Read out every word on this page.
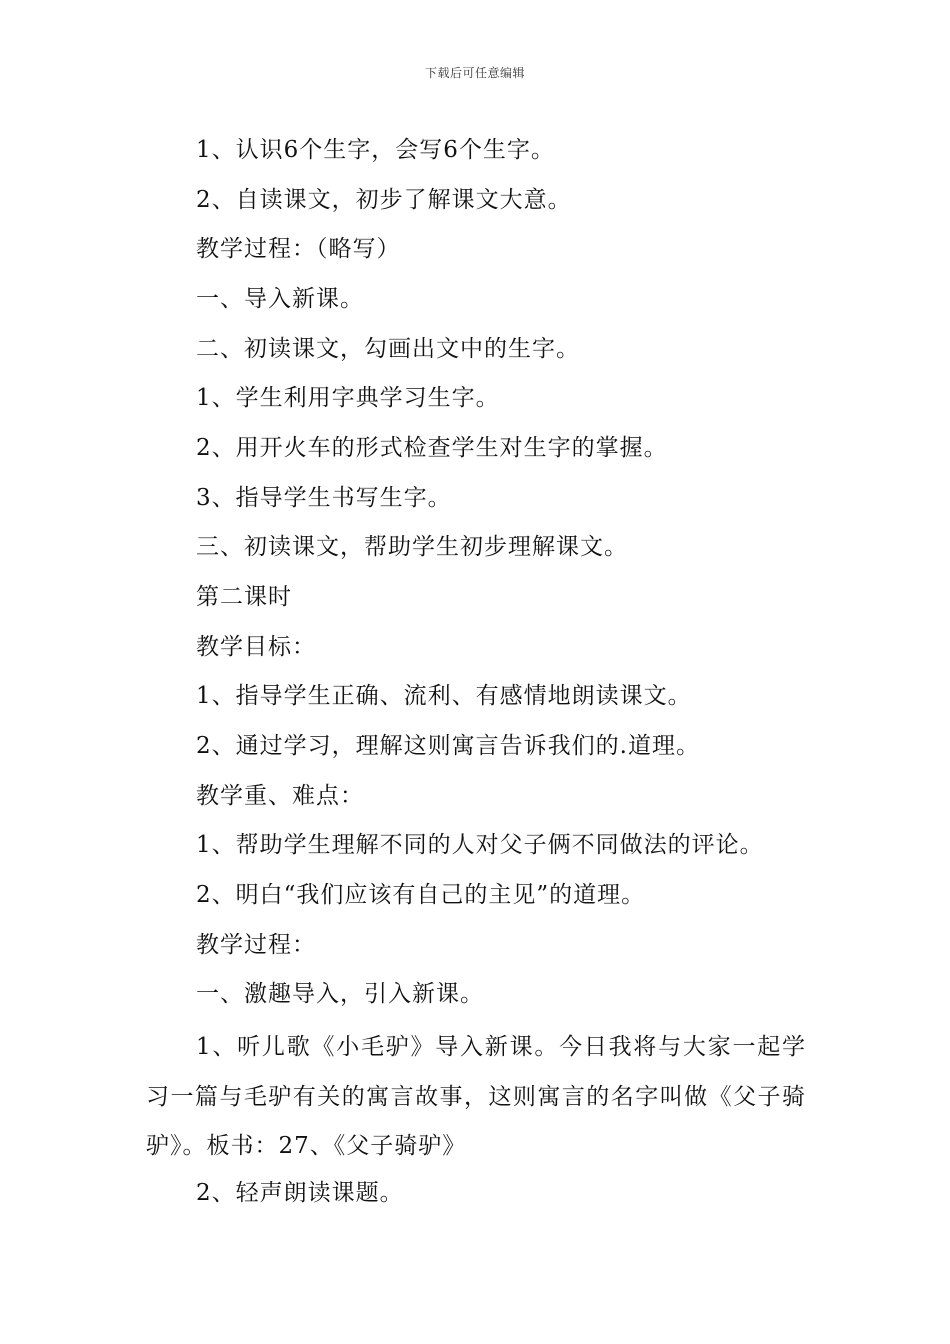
下载后可任意编辑
1、认识6个生字，会写6个生字。
2、自读课文，初步了解课文大意。
教学过程：（略写）
一、导入新课。
二、初读课文，勾画出文中的生字。
1、学生利用字典学习生字。
2、用开火车的形式检查学生对生字的掌握。
3、指导学生书写生字。
三、初读课文，帮助学生初步理解课文。
第二课时
教学目标：
1、指导学生正确、流利、有感情地朗读课文。
2、通过学习，理解这则寓言告诉我们的.道理。
教学重、难点：
1、帮助学生理解不同的人对父子俩不同做法的评论。
2、明白“我们应该有自己的主见”的道理。
教学过程：
一、激趣导入，引入新课。
1、听儿歌《小毛驴》导入新课。今日我将与大家一起学习一篇与毛驴有关的寓言故事，这则寓言的名字叫做《父子骑驴》。板书：27、《父子骑驴》
2、轻声朗读课题。
